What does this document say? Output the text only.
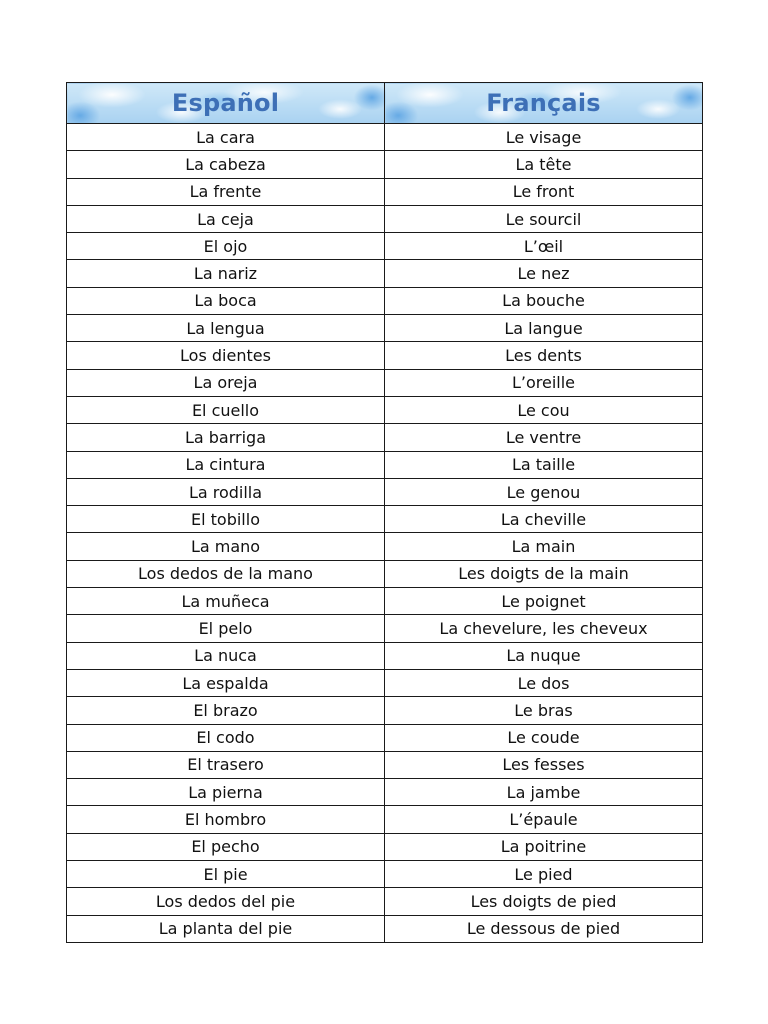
Español	Français
La cara	Le visage
La cabeza	La tête
La frente	Le front
La ceja	Le sourcil
El ojo	L’œil
La nariz	Le nez
La boca	La bouche
La lengua	La langue
Los dientes	Les dents
La oreja	L’oreille
El cuello	Le cou
La barriga	Le ventre
La cintura	La taille
La rodilla	Le genou
El tobillo	La cheville
La mano	La main
Los dedos de la mano	Les doigts de la main
La muñeca	Le poignet
El pelo	La chevelure, les cheveux
La nuca	La nuque
La espalda	Le dos
El brazo	Le bras
El codo	Le coude
El trasero	Les fesses
La pierna	La jambe
El hombro	L’épaule
El pecho	La poitrine
El pie	Le pied
Los dedos del pie	Les doigts de pied
La planta del pie	Le dessous de pied
